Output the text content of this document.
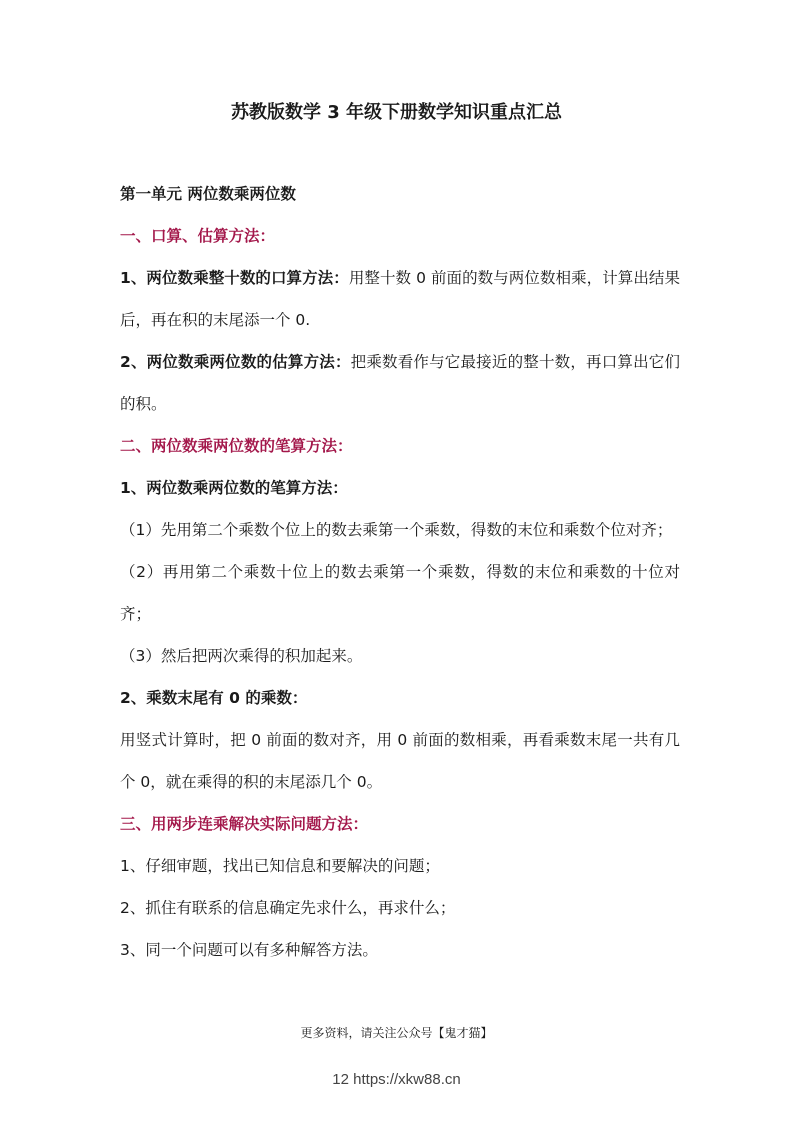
苏教版数学 3 年级下册数学知识重点汇总
第一单元 两位数乘两位数
一、口算、估算方法：
1、两位数乘整十数的口算方法：用整十数 0 前面的数与两位数相乘，计算出结果后，再在积的末尾添一个 0.
2、两位数乘两位数的估算方法：把乘数看作与它最接近的整十数，再口算出它们的积。
二、两位数乘两位数的笔算方法：
1、两位数乘两位数的笔算方法：
（1）先用第二个乘数个位上的数去乘第一个乘数，得数的末位和乘数个位对齐；
（2）再用第二个乘数十位上的数去乘第一个乘数，得数的末位和乘数的十位对齐；
（3）然后把两次乘得的积加起来。
2、乘数末尾有 0 的乘数：
用竖式计算时，把 0 前面的数对齐，用 0 前面的数相乘，再看乘数末尾一共有几个 0，就在乘得的积的末尾添几个 0。
三、用两步连乘解决实际问题方法：
1、仔细审题，找出已知信息和要解决的问题；
2、抓住有联系的信息确定先求什么，再求什么；
3、同一个问题可以有多种解答方法。
更多资料，请关注公众号【鬼才猫】
12 https://xkw88.cn
